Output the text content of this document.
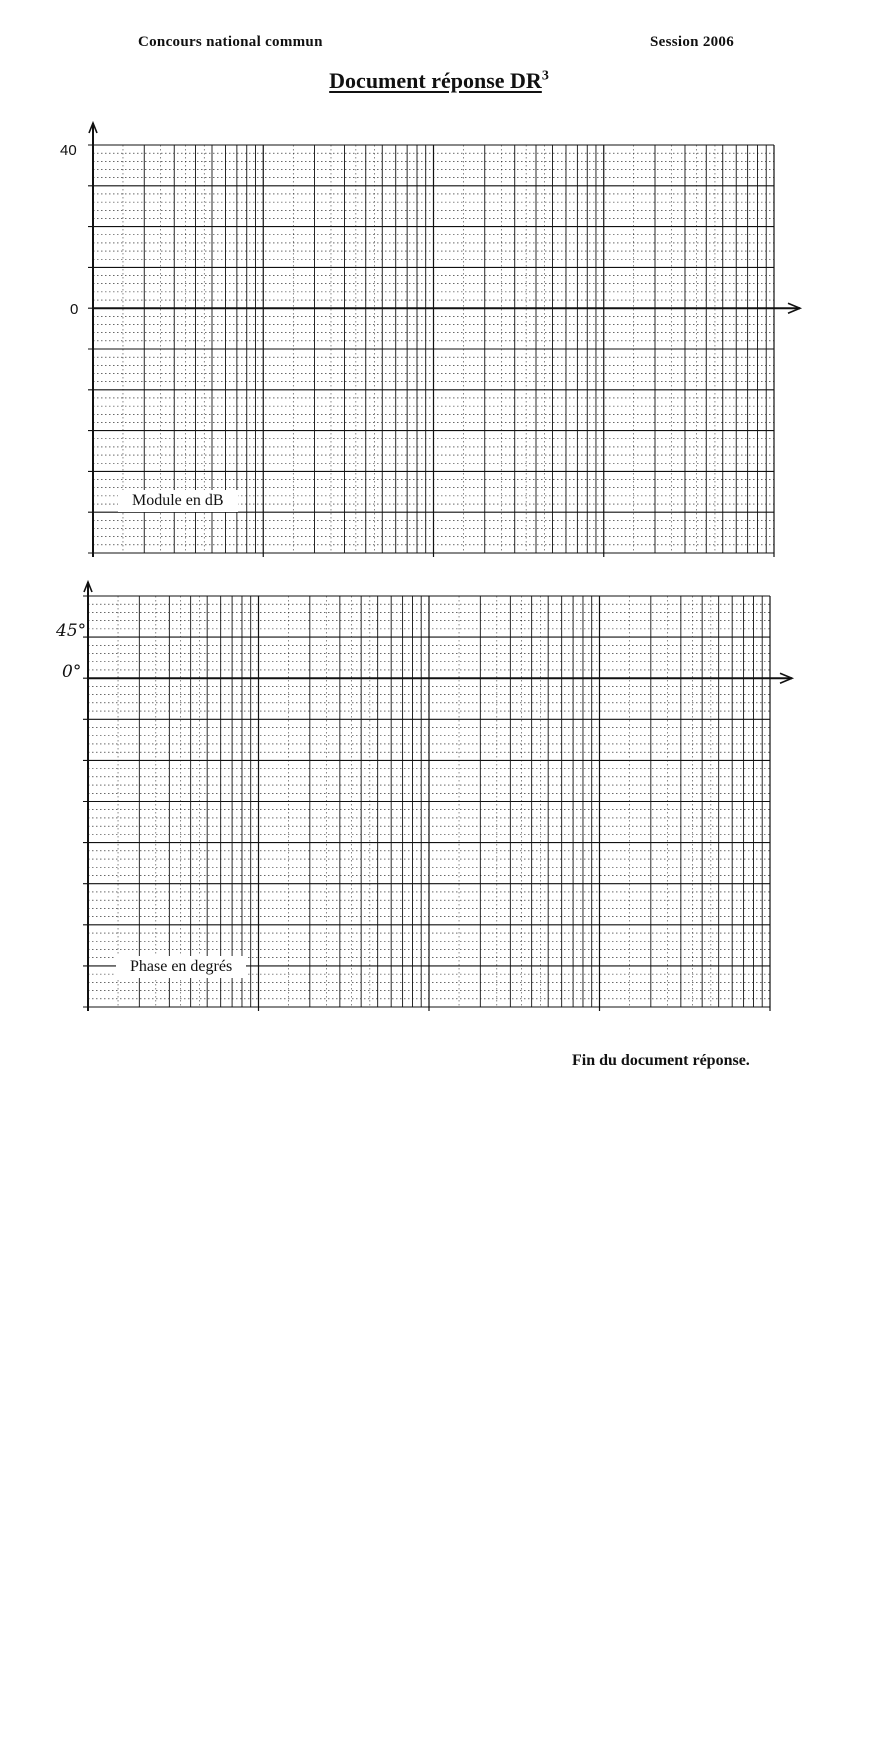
Concours national commun	Session 2006
Document réponse $DR^3$
40
0
Module en dB
45°
0°
Phase en degrés
Fin du document réponse.
